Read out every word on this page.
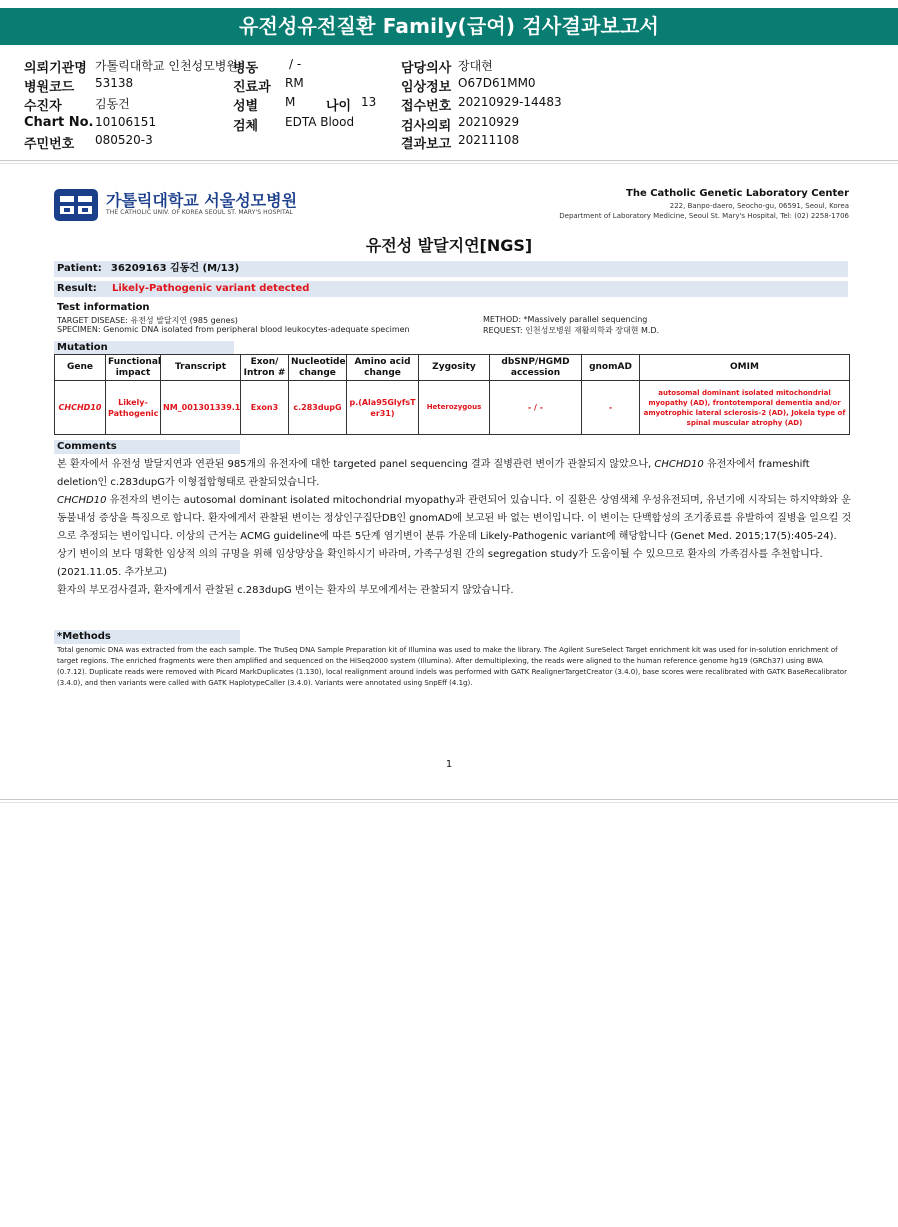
유전성유전질환 Family(급여) 검사결과보고서
의뢰기관명 가톨릭대학교 인천성모병원
병동	/ -	담당의사 장대현
병원코드 53138	진료과 RM	임상정보 O67D61MM0
수진자	김동건	성별 M 나이 13 접수번호 20210929-14483
Chart No. 10106151	검체 EDTA Blood	검사의뢰 20210929
주민번호 080520-3	결과보고 20211108
가톨릭대학교 서울성모병원
THE CATHOLIC UNIV. OF KOREA SEOUL ST. MARY'S HOSPITAL
The Catholic Genetic Laboratory Center
222, Banpo-daero, Seocho-gu, 06591, Seoul, Korea
Department of Laboratory Medicine, Seoul St. Mary's Hospital, Tel: (02) 2258-1706
유전성 발달지연[NGS]
Patient: 36209163 김동건 (M/13)
Result: Likely-Pathogenic variant detected
Test information
TARGET DISEASE: 유전성 발달지연 (985 genes)
SPECIMEN: Genomic DNA isolated from peripheral blood leukocytes-adequate specimen
METHOD: *Massively parallel sequencing
REQUEST: 인천성모병원 재활의학과 장대현 M.D.
Mutation
Gene	Functional impact	Transcript	Exon/ Intron #	Nucleotide change	Amino acid change	Zygosity	dbSNP/HGMD accession	gnomAD	OMIM
CHCHD10	Likely-Pathogenic	NM_001301339.1	Exon3	c.283dupG	p.(Ala95GlyfsTer31)	Heterozygous	- / -	-	autosomal dominant isolated mitochondrial myopathy (AD), frontotemporal dementia and/or amyotrophic lateral sclerosis-2 (AD), Jokela type of spinal muscular atrophy (AD)
Comments

본 환자에서 유전성 발달지연과 연관된 985개의 유전자에 대한 targeted panel sequencing 결과 질병관련 변이가 관찰되지 않았으나, CHCHD10 유전자에서 frameshift deletion인 c.283dupG가 이형접합형태로 관찰되었습니다.

CHCHD10 유전자의 변이는 autosomal dominant isolated mitochondrial myopathy과 관련되어 있습니다. 이 질환은 상염색체 우성유전되며, 유년기에 시작되는 하지약화와 운동불내성 증상을 특징으로 합니다. 환자에게서 관찰된 변이는 정상인구집단DB인 gnomAD에 보고된 바 없는 변이입니다. 이 변이는 단백합성의 조기종료를 유발하여 질병을 일으킬 것으로 추정되는 변이입니다. 이상의 근거는 ACMG guideline에 따른 5단계 염기변이 분류 가운데 Likely-Pathogenic variant에 해당합니다 (Genet Med. 2015;17(5):405-24).

상기 변이의 보다 명확한 임상적 의의 규명을 위해 임상양상을 확인하시기 바라며, 가족구성원 간의 segregation study가 도움이될 수 있으므로 환자의 가족검사를 추천합니다.

(2021.11.05. 추가보고)

환자의 부모검사결과, 환자에게서 관찰된 c.283dupG 변이는 환자의 부모에게서는 관찰되지 않았습니다.

*Methods
Total genomic DNA was extracted from the each sample. The TruSeq DNA Sample Preparation kit of Illumina was used to make the library. The Agilent SureSelect Target enrichment kit was used for in-solution enrichment of target regions. The enriched fragments were then amplified and sequenced on the HiSeq2000 system (Illumina). After demultiplexing, the reads were aligned to the human reference genome hg19 (GRCh37) using BWA (0.7.12). Duplicate reads were removed with Picard MarkDuplicates (1.130), local realignment around indels was performed with GATK RealignerTargetCreator (3.4.0), base scores were recalibrated with GATK BaseRecalibrator (3.4.0), and then variants were called with GATK HaplotypeCaller (3.4.0). Variants were annotated using SnpEff (4.1g).
1
